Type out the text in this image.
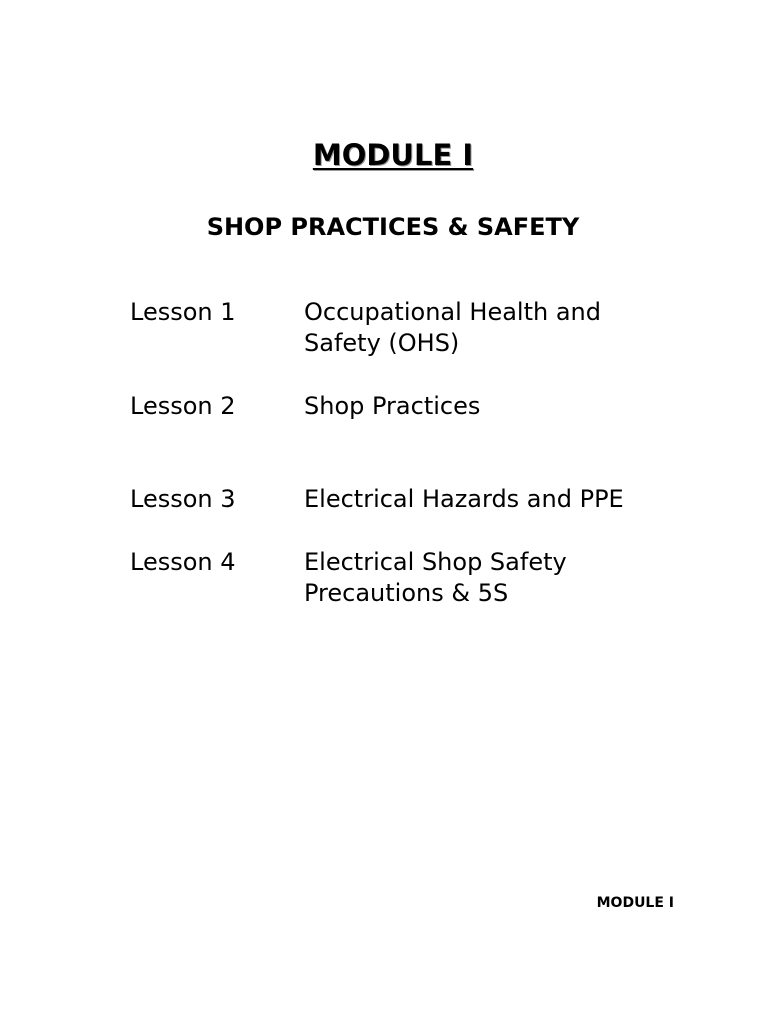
MODULE I
SHOP PRACTICES & SAFETY
Lesson 1	Occupational Health and Safety (OHS)
Lesson 2	Shop Practices
Lesson 3	Electrical Hazards and PPE
Lesson 4	Electrical Shop Safety Precautions & 5S

MODULE I
